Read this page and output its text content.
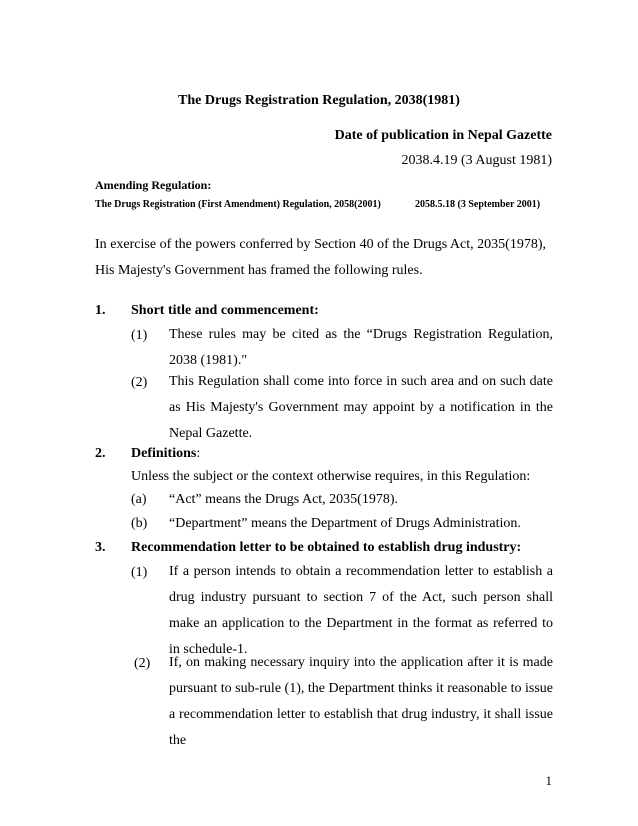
The Drugs Registration Regulation, 2038(1981)
Date of publication in Nepal Gazette
2038.4.19 (3 August 1981)
Amending Regulation:
The Drugs Registration (First Amendment) Regulation, 2058(2001)	2058.5.18 (3 September 2001)
In exercise of the powers conferred by Section 40 of the Drugs Act, 2035(1978), His Majesty's Government has framed the following rules.
1. Short title and commencement:
(1) These rules may be cited as the “Drugs Registration Regulation, 2038 (1981)."
(2) This Regulation shall come into force in such area and on such date as His Majesty's Government may appoint by a notification in the Nepal Gazette.
2. Definitions:
Unless the subject or the context otherwise requires, in this Regulation:
(a) “Act” means the Drugs Act, 2035(1978).
(b) “Department” means the Department of Drugs Administration.
3. Recommendation letter to be obtained to establish drug industry:
(1) If a person intends to obtain a recommendation letter to establish a drug industry pursuant to section 7 of the Act, such person shall make an application to the Department in the format as referred to in schedule-1.
(2) If, on making necessary inquiry into the application after it is made pursuant to sub-rule (1), the Department thinks it reasonable to issue a recommendation letter to establish that drug industry, it shall issue the
1
